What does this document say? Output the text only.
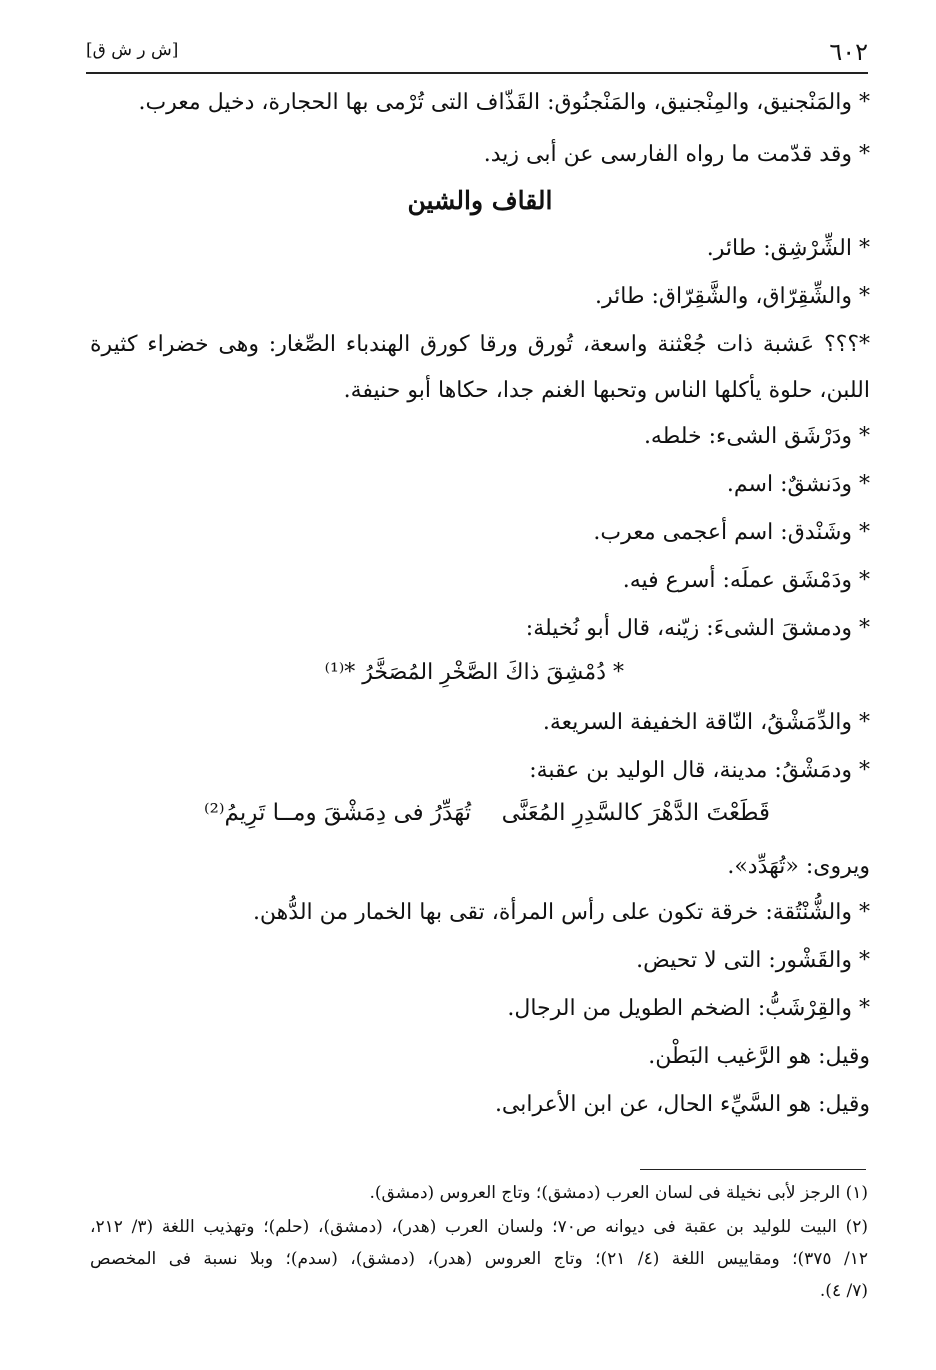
٦٠٢
[ش ر ش ق]
* والمَنْجنيق، والمِنْجنيق، والمَنْجنُوق: القَذّاف التى تُرْمى بها الحجارة، دخيل معرب.
* وقد قدّمت ما رواه الفارسى عن أبى زيد.
القاف والشين
* الشِّرْشِق: طائر.
* والشِّقِرّاق، والشَّقِرّاق: طائر.
*؟؟؟ عَشبة ذات جُعْثنة واسعة، تُورق ورقا كورق الهندباء الصِّغار: وهى خضراء كثيرة
اللبن، حلوة يأكلها الناس وتحبها الغنم جدا، حكاها أبو حنيفة.
* ودَرْشَق الشىء: خلطه.
* ودَنشقٌ: اسم.
* وشَنْدق: اسم أعجمى معرب.
* ودَمْشَق عملَه: أسرع فيه.
* ودمشقَ الشىءَ: زيّنه، قال أبو نُخيلة:
* دُمْشِقَ ذاكَ الصَّخْرِ المُصَخَّرُ *⁽¹⁾
* والدِّمَشْقُ، النّاقة الخفيفة السريعة.
* ودمَشْقُ: مدينة، قال الوليد بن عقبة:
قَطَعْتَ الدَّهْرَ كالسَّدِرِ المُعَنَّى
تُهَدِّرُ فى دِمَشْقَ ومــا تَرِيمُ⁽²⁾
ويروى: «تُهَدِّد».
* والشُّنْتُقة: خرقة تكون على رأس المرأة، تقى بها الخمار من الدُّهن.
* والقَشْور: التى لا تحيض.
* والقِرْشَبُّ: الضخم الطويل من الرجال.
وقيل: هو الرَّغيب البَطْن.
وقيل: هو السَّيِّء الحال، عن ابن الأعرابى.
(١) الرجز لأبى نخيلة فى لسان العرب (دمشق)؛ وتاج العروس (دمشق).
(٢) البيت للوليد بن عقبة فى ديوانه ص٧٠؛ ولسان العرب (هدر)، (دمشق)، (حلم)؛ وتهذيب اللغة (٣/ ٢١٢،
١٢/ ٣٧٥)؛ ومقاييس اللغة (٤/ ٢١)؛ وتاج العروس (هدر)، (دمشق)، (سدم)؛ وبلا نسبة فى المخصص
(٧/ ٤).
